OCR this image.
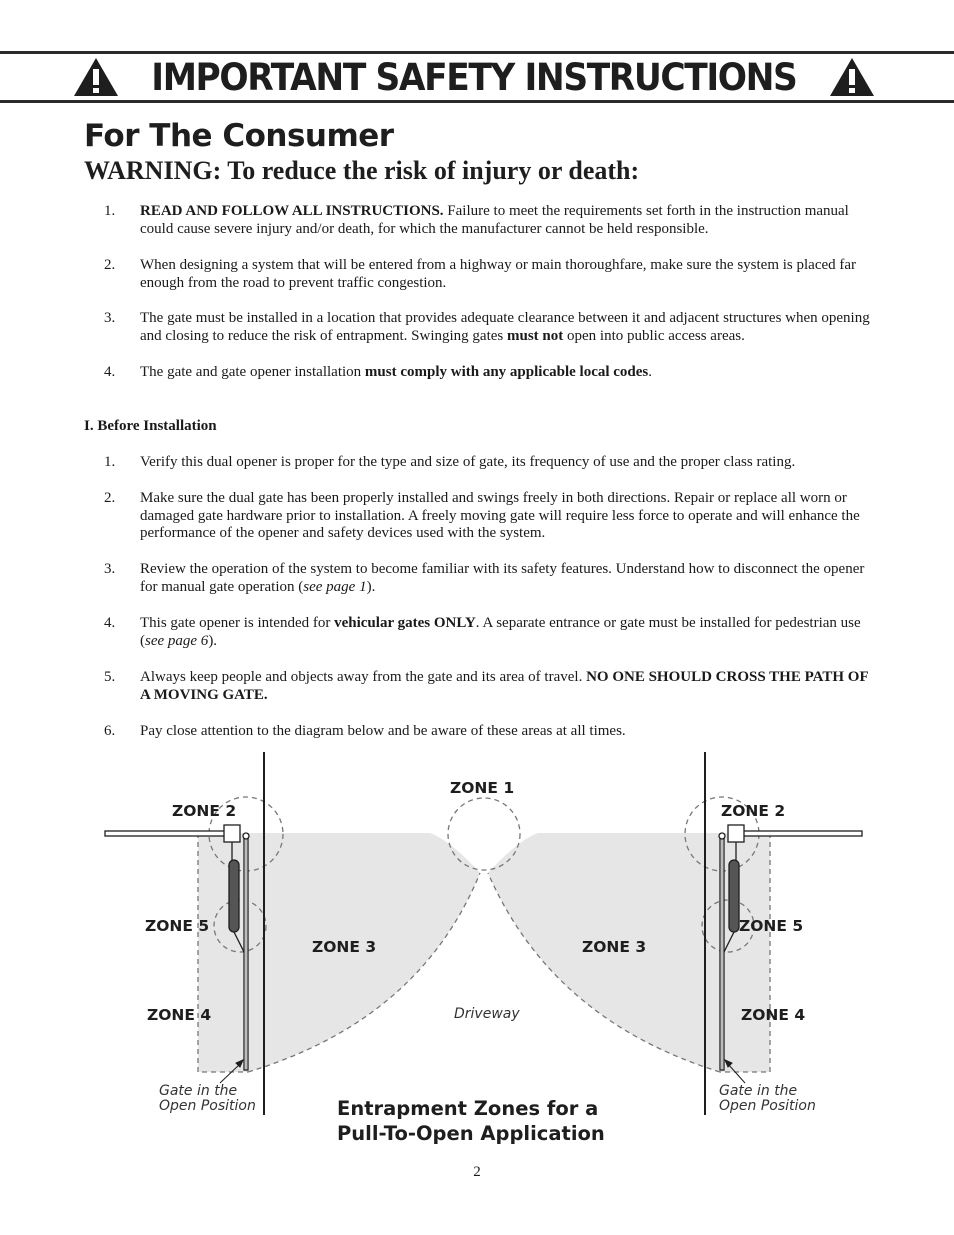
IMPORTANT SAFETY INSTRUCTIONS
For The Consumer
WARNING: To reduce the risk of injury or death:
1. READ AND FOLLOW ALL INSTRUCTIONS. Failure to meet the requirements set forth in the instruction manual could cause severe injury and/or death, for which the manufacturer cannot be held responsible.
2. When designing a system that will be entered from a highway or main thoroughfare, make sure the system is placed far enough from the road to prevent traffic congestion.
3. The gate must be installed in a location that provides adequate clearance between it and adjacent structures when opening and closing to reduce the risk of entrapment. Swinging gates must not open into public access areas.
4. The gate and gate opener installation must comply with any applicable local codes.

I. Before Installation

1. Verify this dual opener is proper for the type and size of gate, its frequency of use and the proper class rating.
2. Make sure the dual gate has been properly installed and swings freely in both directions. Repair or replace all worn or damaged gate hardware prior to installation. A freely moving gate will require less force to operate and will enhance the performance of the opener and safety devices used with the system.
3. Review the operation of the system to become familiar with its safety features. Understand how to disconnect the opener for manual gate operation (see page 1).
4. This gate opener is intended for vehicular gates ONLY. A separate entrance or gate must be installed for pedestrian use (see page 6).
5. Always keep people and objects away from the gate and its area of travel. NO ONE SHOULD CROSS THE PATH OF A MOVING GATE.
6. Pay close attention to the diagram below and be aware of these areas at all times.
ZONE 1
ZONE 2	ZONE 2
ZONE 5	ZONE 5
ZONE 3	ZONE 3
ZONE 4	ZONE 4
Driveway
Gate in the
Open Position
Gate in the
Open Position
Entrapment Zones for a
Pull-To-Open Application
2
